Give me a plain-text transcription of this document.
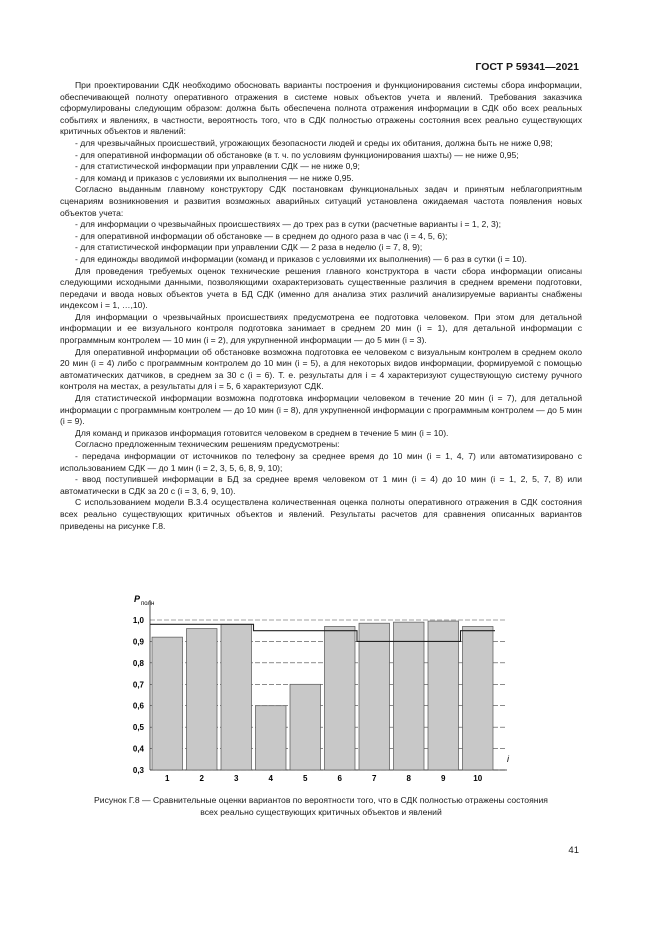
ГОСТ Р 59341—2021

При проектировании СДК необходимо обосновать варианты построения и функционирования системы сбора информации, обеспечивающей полноту оперативного отражения в системе новых объектов учета и явлений. Требования заказчика сформулированы следующим образом: должна быть обеспечена полнота отражения информации в СДК обо всех реальных событиях и явлениях, в частности, вероятность того, что в СДК полностью отражены состояния всех реально существующих критичных объектов и явлений:

- для чрезвычайных происшествий, угрожающих безопасности людей и среды их обитания, должна быть не ниже 0,98;

- для оперативной информации об обстановке (в т. ч. по условиям функционирования шахты) — не ниже 0,95;

- для статистической информации при управлении СДК — не ниже 0,9;

- для команд и приказов с условиями их выполнения — не ниже 0,95.

Согласно выданным главному конструктору СДК постановкам функциональных задач и принятым неблагоприятным сценариям возникновения и развития возможных аварийных ситуаций установлена ожидаемая частота появления новых объектов учета:

- для информации о чрезвычайных происшествиях — до трех раз в сутки (расчетные варианты i = 1, 2, 3);

- для оперативной информации об обстановке — в среднем до одного раза в час (i = 4, 5, 6);

- для статистической информации при управлении СДК — 2 раза в неделю (i = 7, 8, 9);

- для единожды вводимой информации (команд и приказов с условиями их выполнения) — 6 раз в сутки (i = 10).

Для проведения требуемых оценок технические решения главного конструктора в части сбора информации описаны следующими исходными данными, позволяющими охарактеризовать существенные различия в среднем времени подготовки, передачи и ввода новых объектов учета в БД СДК (именно для анализа этих различий анализируемые варианты снабжены индексом i = 1, …,10).

Для информации о чрезвычайных происшествиях предусмотрена ее подготовка человеком. При этом для детальной информации и ее визуального контроля подготовка занимает в среднем 20 мин (i = 1), для детальной информации с программным контролем — 10 мин (i = 2), для укрупненной информации — до 5 мин (i = 3).

Для оперативной информации об обстановке возможна подготовка ее человеком с визуальным контролем в среднем около 20 мин (i = 4) либо с программным контролем до 10 мин (i = 5), а для некоторых видов информации, формируемой с помощью автоматических датчиков, в среднем за 30 с (i = 6). Т. е. результаты для i = 4 характеризуют существующую систему ручного контроля на местах, а результаты для i = 5, 6 характеризуют СДК.

Для статистической информации возможна подготовка информации человеком в течение 20 мин (i = 7), для детальной информации с программным контролем — до 10 мин (i = 8), для укрупненной информации с программным контролем — до 5 мин (i = 9).

Для команд и приказов информация готовится человеком в среднем в течение 5 мин (i = 10).

Согласно предложенным техническим решениям предусмотрены:

- передача информации от источников по телефону за среднее время до 10 мин (i = 1, 4, 7) или автоматизировано с использованием СДК — до 1 мин (i = 2, 3, 5, 6, 8, 9, 10);

- ввод поступившей информации в БД за среднее время человеком от 1 мин (i = 4) до 10 мин (i = 1, 2, 5, 7, 8) или автоматически в СДК за 20 с (i = 3, 6, 9, 10).

С использованием модели В.3.4 осуществлена количественная оценка полноты оперативного отражения в СДК состояния всех реально существующих критичных объектов и явлений. Результаты расчетов для сравнения описанных вариантов приведены на рисунке Г.8.

0,3
0,4
0,5
0,6
0,7
0,8
0,9
1,0
1	2	3	4	5	6	7	8	9	10
P полн
i
Рисунок Г.8 — Сравнительные оценки вариантов по вероятности того, что в СДК полностью отражены состояния
всех реально существующих критичных объектов и явлений
41
